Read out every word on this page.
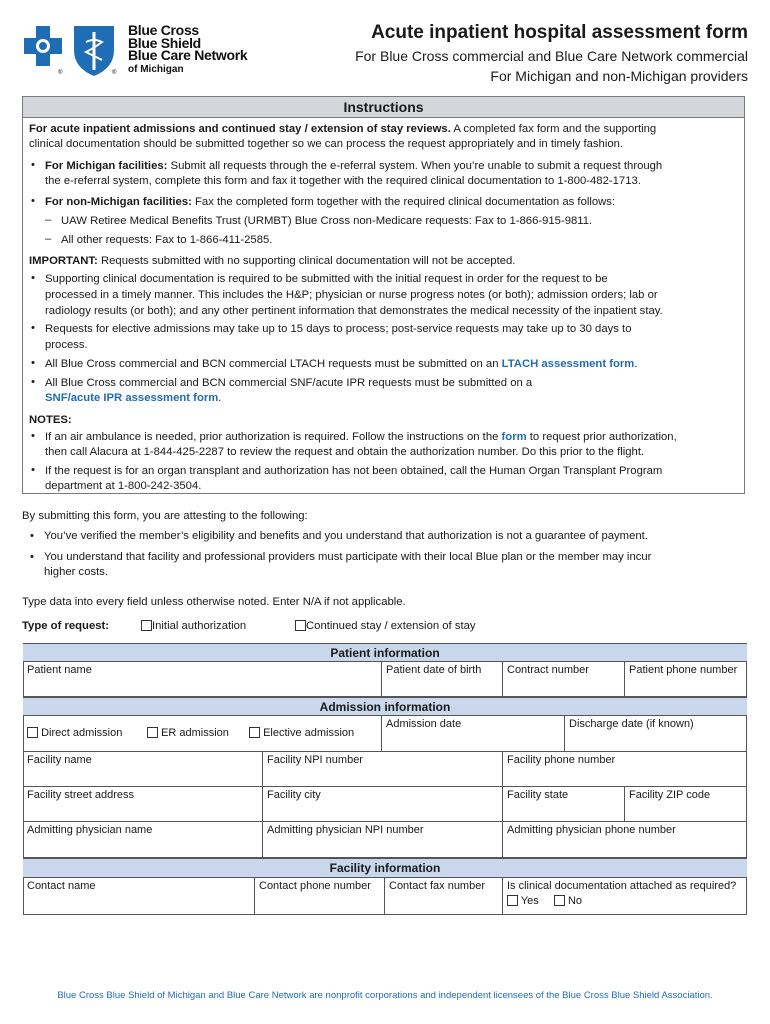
®	®
Blue Cross
Blue Shield
Blue Care Network
of Michigan
Acute inpatient hospital assessment form
For Blue Cross commercial and Blue Care Network commercial
For Michigan and non-Michigan providers
Instructions
For acute inpatient admissions and continued stay / extension of stay reviews. A completed fax form and the supporting
clinical documentation should be submitted together so we can process the request appropriately and in timely fashion.
• For Michigan facilities: Submit all requests through the e-referral system. When you’re unable to submit a request through
the e-referral system, complete this form and fax it together with the required clinical documentation to 1-800-482-1713.
• For non-Michigan facilities: Fax the completed form together with the required clinical documentation as follows:
– UAW Retiree Medical Benefits Trust (URMBT) Blue Cross non-Medicare requests: Fax to 1-866-915-9811.
– All other requests: Fax to 1-866-411-2585.
IMPORTANT: Requests submitted with no supporting clinical documentation will not be accepted.
• Supporting clinical documentation is required to be submitted with the initial request in order for the request to be
processed in a timely manner. This includes the H&P; physician or nurse progress notes (or both); admission orders; lab or
radiology results (or both); and any other pertinent information that demonstrates the medical necessity of the inpatient stay.
• Requests for elective admissions may take up to 15 days to process; post-service requests may take up to 30 days to
process.
• All Blue Cross commercial and BCN commercial LTACH requests must be submitted on an LTACH assessment form.
• All Blue Cross commercial and BCN commercial SNF/acute IPR requests must be submitted on a
SNF/acute IPR assessment form.
NOTES:
• If an air ambulance is needed, prior authorization is required. Follow the instructions on the form to request prior authorization,
then call Alacura at 1-844-425-2287 to review the request and obtain the authorization number. Do this prior to the flight.
• If the request is for an organ transplant and authorization has not been obtained, call the Human Organ Transplant Program
department at 1-800-242-3504.
By submitting this form, you are attesting to the following:
• You’ve verified the member’s eligibility and benefits and you understand that authorization is not a guarantee of payment.
• You understand that facility and professional providers must participate with their local Blue plan or the member may incur
higher costs.
Type data into every field unless otherwise noted. Enter N/A if not applicable.
Type of request:	Initial authorization	Continued stay / extension of stay
Patient information
Patient name	Patient date of birth	Contract number	Patient phone number
Admission information
Direct admission	ER admission	Elective admission
Admission date	Discharge date (if known)
Facility name	Facility NPI number	Facility phone number
Facility street address	Facility city	Facility state	Facility ZIP code
Admitting physician name	Admitting physician NPI number	Admitting physician phone number
Facility information
Contact name	Contact phone number	Contact fax number	Is clinical documentation attached as required?
Yes	No
Blue Cross Blue Shield of Michigan and Blue Care Network are nonprofit corporations and independent licensees of the Blue Cross Blue Shield Association.
